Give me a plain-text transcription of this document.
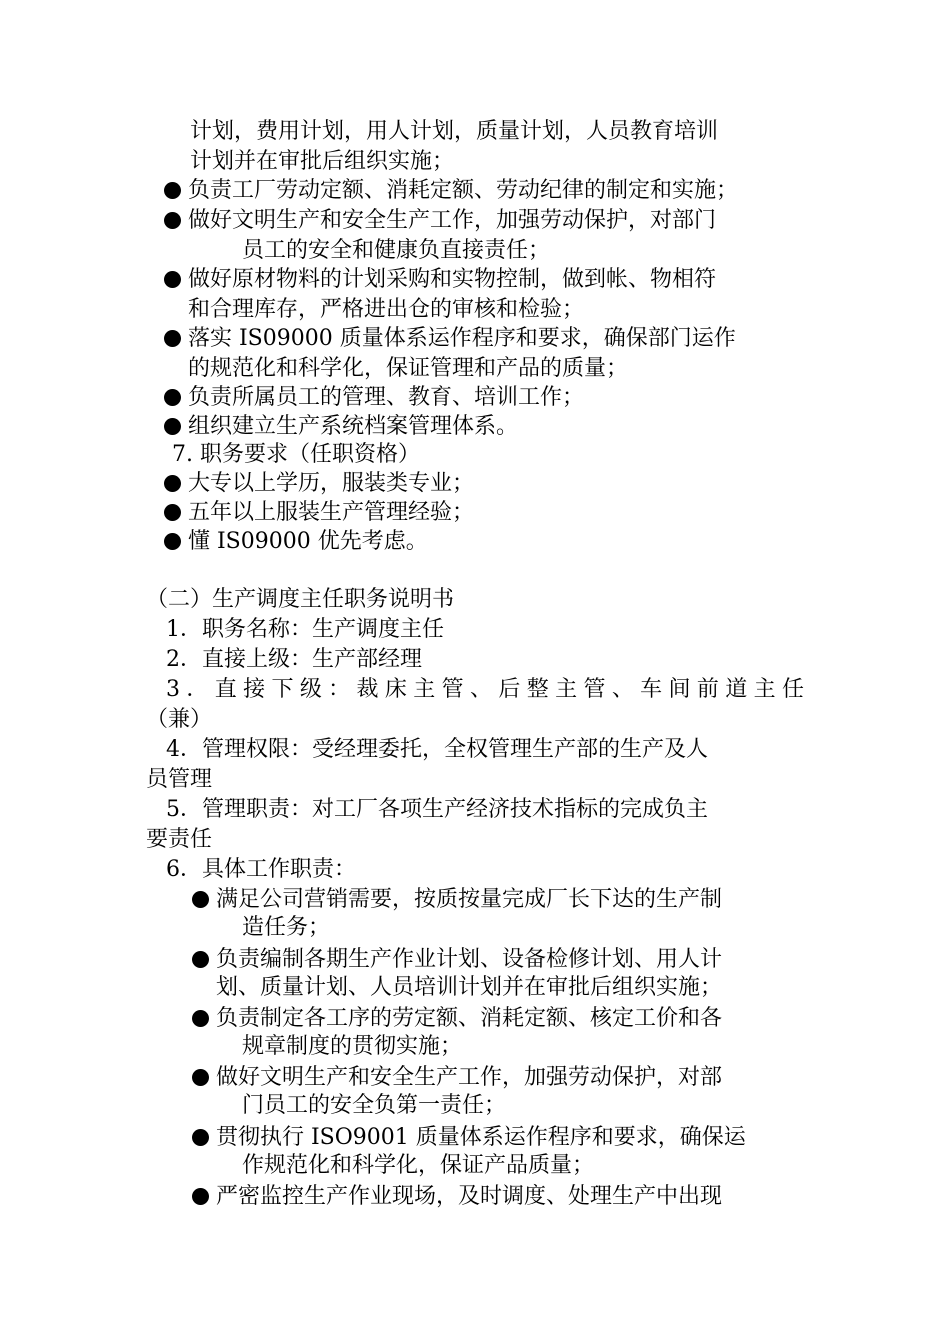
计划，费用计划，用人计划，质量计划，人员教育培训
计划并在审批后组织实施；
负责工厂劳动定额、消耗定额、劳动纪律的制定和实施；
做好文明生产和安全生产工作，加强劳动保护，对部门
员工的安全和健康负直接责任；
做好原材物料的计划采购和实物控制，做到帐、物相符
和合理库存，严格进出仓的审核和检验；
落实 IS09000 质量体系运作程序和要求，确保部门运作
的规范化和科学化，保证管理和产品的质量；
负责所属员工的管理、教育、培训工作；
组织建立生产系统档案管理体系。
7. 职务要求（任职资格）
大专以上学历，服装类专业；
五年以上服装生产管理经验；
懂 IS09000 优先考虑。
（二）生产调度主任职务说明书
1．职务名称：生产调度主任
2．直接上级：生产部经理
3．直接下级：裁床主管、后整主管、车间前道主任
（兼）
4．管理权限：受经理委托，全权管理生产部的生产及人
员管理
5．管理职责：对工厂各项生产经济技术指标的完成负主
要责任
6．具体工作职责：
满足公司营销需要，按质按量完成厂长下达的生产制
造任务；
负责编制各期生产作业计划、设备检修计划、用人计
划、质量计划、人员培训计划并在审批后组织实施；
负责制定各工序的劳定额、消耗定额、核定工价和各
规章制度的贯彻实施；
做好文明生产和安全生产工作，加强劳动保护，对部
门员工的安全负第一责任；
贯彻执行 ISO9001 质量体系运作程序和要求，确保运
作规范化和科学化，保证产品质量；
严密监控生产作业现场，及时调度、处理生产中出现
